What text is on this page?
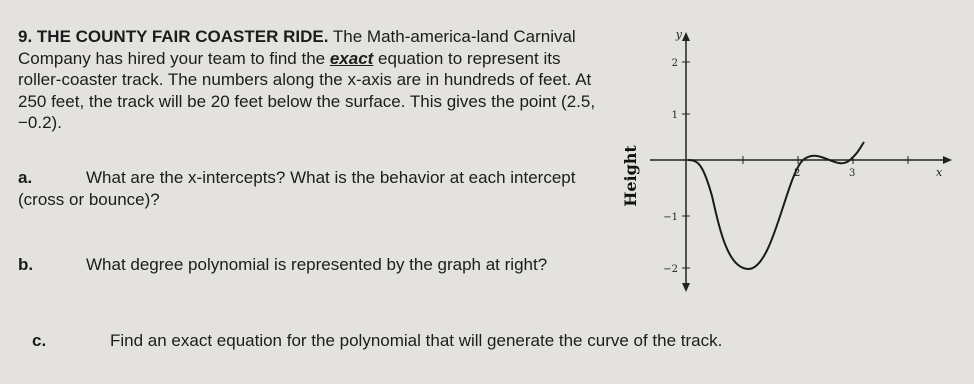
9. THE COUNTY FAIR COASTER RIDE. The Math-america-land Carnival Company has hired your team to find the exact equation to represent its roller-coaster track. The numbers along the x-axis are in hundreds of feet. At 250 feet, the track will be 20 feet below the surface. This gives the point (2.5, −0.2).
a.	What are the x-intercepts? What is the behavior at each intercept (cross or bounce)?
b.	What degree polynomial is represented by the graph at right?
c.	Find an exact equation for the polynomial that will generate the curve of the track.
y
x
2	3
2
1
−1
−2
Height
